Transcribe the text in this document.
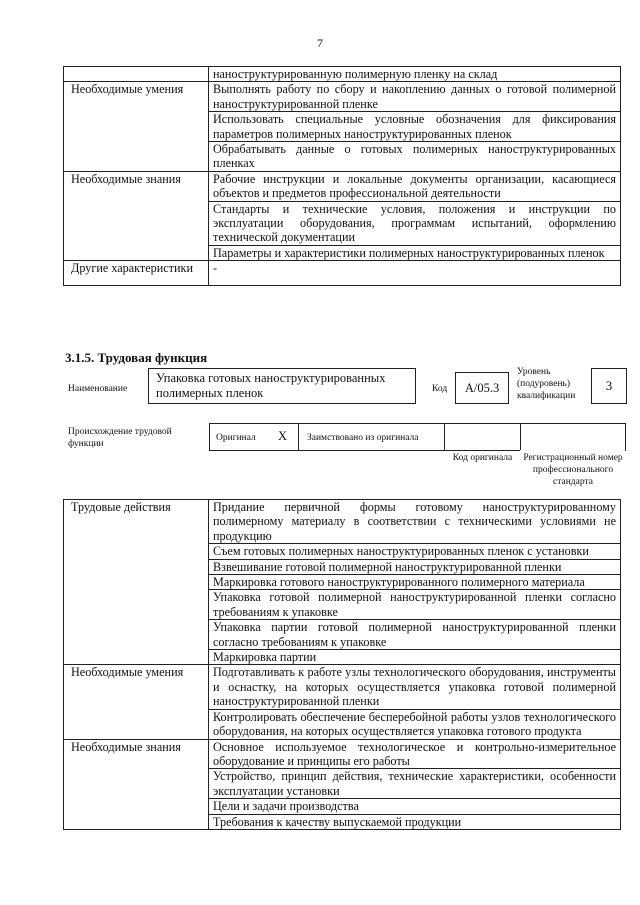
7
	наноструктурированную полимерную пленку на склад
Необходимые умения	Выполнять работу по сбору и накоплению данных о готовой полимерной наноструктурированной пленке
	Использовать специальные условные обозначения для фиксирования параметров полимерных наноструктурированных пленок
	Обрабатывать данные о готовых полимерных наноструктурированных пленках
Необходимые знания	Рабочие инструкции и локальные документы организации, касающиеся объектов и предметов профессиональной деятельности
	Стандарты и технические условия, положения и инструкции по эксплуатации оборудования, программам испытаний, оформлению технической документации
	Параметры и характеристики полимерных наноструктурированных пленок
Другие характеристики	-
3.1.5. Трудовая функция
Наименование
Упаковка готовых наноструктурированных полимерных пленок	Код	А/05.3
Уровень (подуровень) квалификации
3
Происхождение трудовой функции
Оригинал X Заимствовано из оригинала
Код оригинала Регистрационный номер профессионального стандарта
Трудовые действия	Придание первичной формы готовому наноструктурированному полимерному материалу в соответствии с техническими условиями не продукцию
	Съем готовых полимерных наноструктурированных пленок с установки
	Взвешивание готовой полимерной наноструктурированной пленки
	Маркировка готового наноструктурированного полимерного материала
	Упаковка готовой полимерной наноструктурированной пленки согласно требованиям к упаковке
	Упаковка партии готовой полимерной наноструктурированной пленки согласно требованиям к упаковке
	Маркировка партии
Необходимые умения	Подготавливать к работе узлы технологического оборудования, инструменты и оснастку, на которых осуществляется упаковка готовой полимерной наноструктурированной пленки
	Контролировать обеспечение бесперебойной работы узлов технологического оборудования, на которых осуществляется упаковка готового продукта
Необходимые знания	Основное используемое технологическое и контрольно-измерительное оборудование и принципы его работы
	Устройство, принцип действия, технические характеристики, особенности эксплуатации установки
	Цели и задачи производства
	Требования к качеству выпускаемой продукции
